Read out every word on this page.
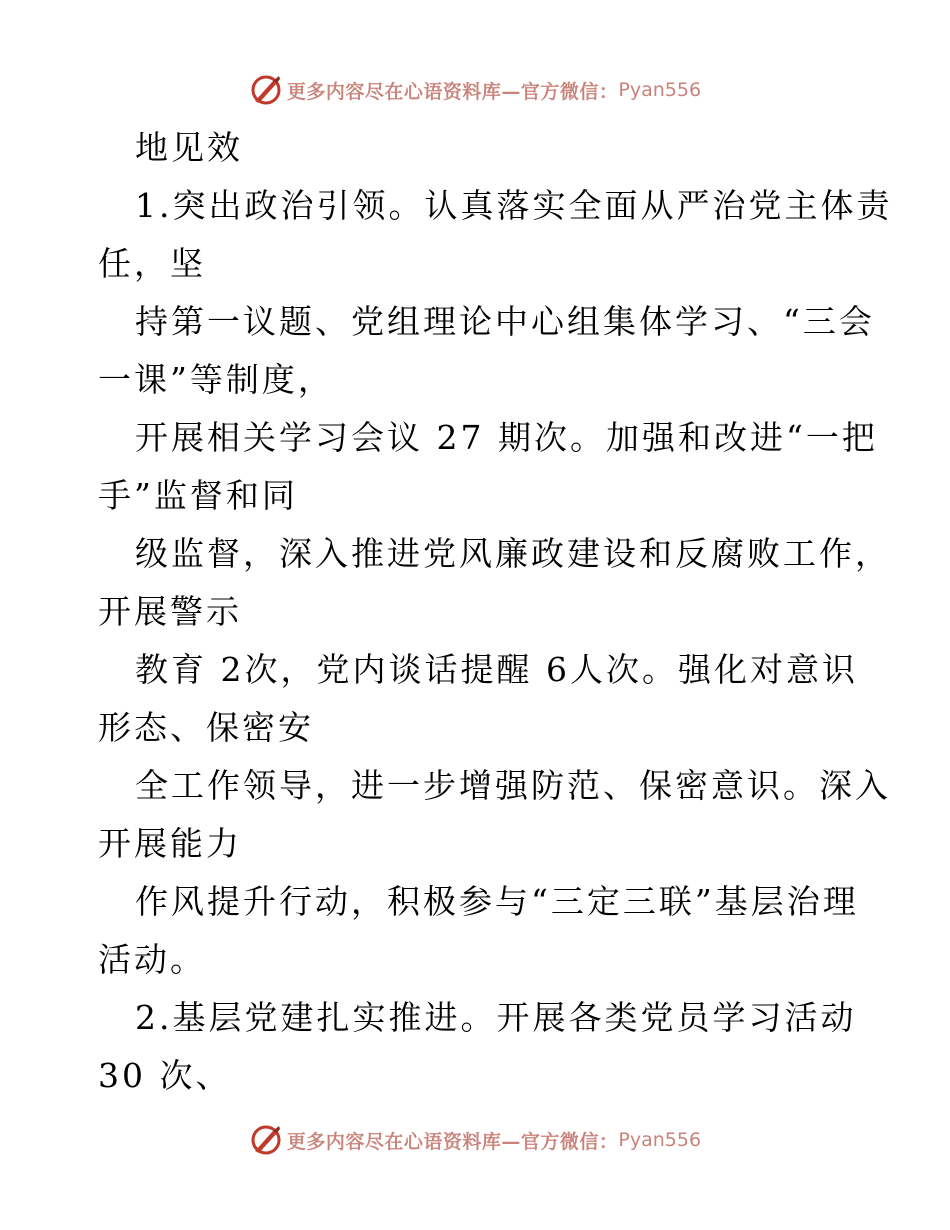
更多内容尽在心语资料库—官方微信： Pyan556
地见效
1.突出政治引领。认真落实全面从严治党主体责
任，坚
持第一议题、党组理论中心组集体学习、“三会
一课”等制度，
开展相关学习会议 27 期次。加强和改进“一把
手”监督和同
级监督，深入推进党风廉政建设和反腐败工作，
开展警示
教育 2次，党内谈话提醒 6人次。强化对意识
形态、保密安
全工作领导，进一步增强防范、保密意识。深入
开展能力
作风提升行动，积极参与“三定三联”基层治理
活动。
2.基层党建扎实推进。开展各类党员学习活动
30 次、
更多内容尽在心语资料库—官方微信： Pyan556
